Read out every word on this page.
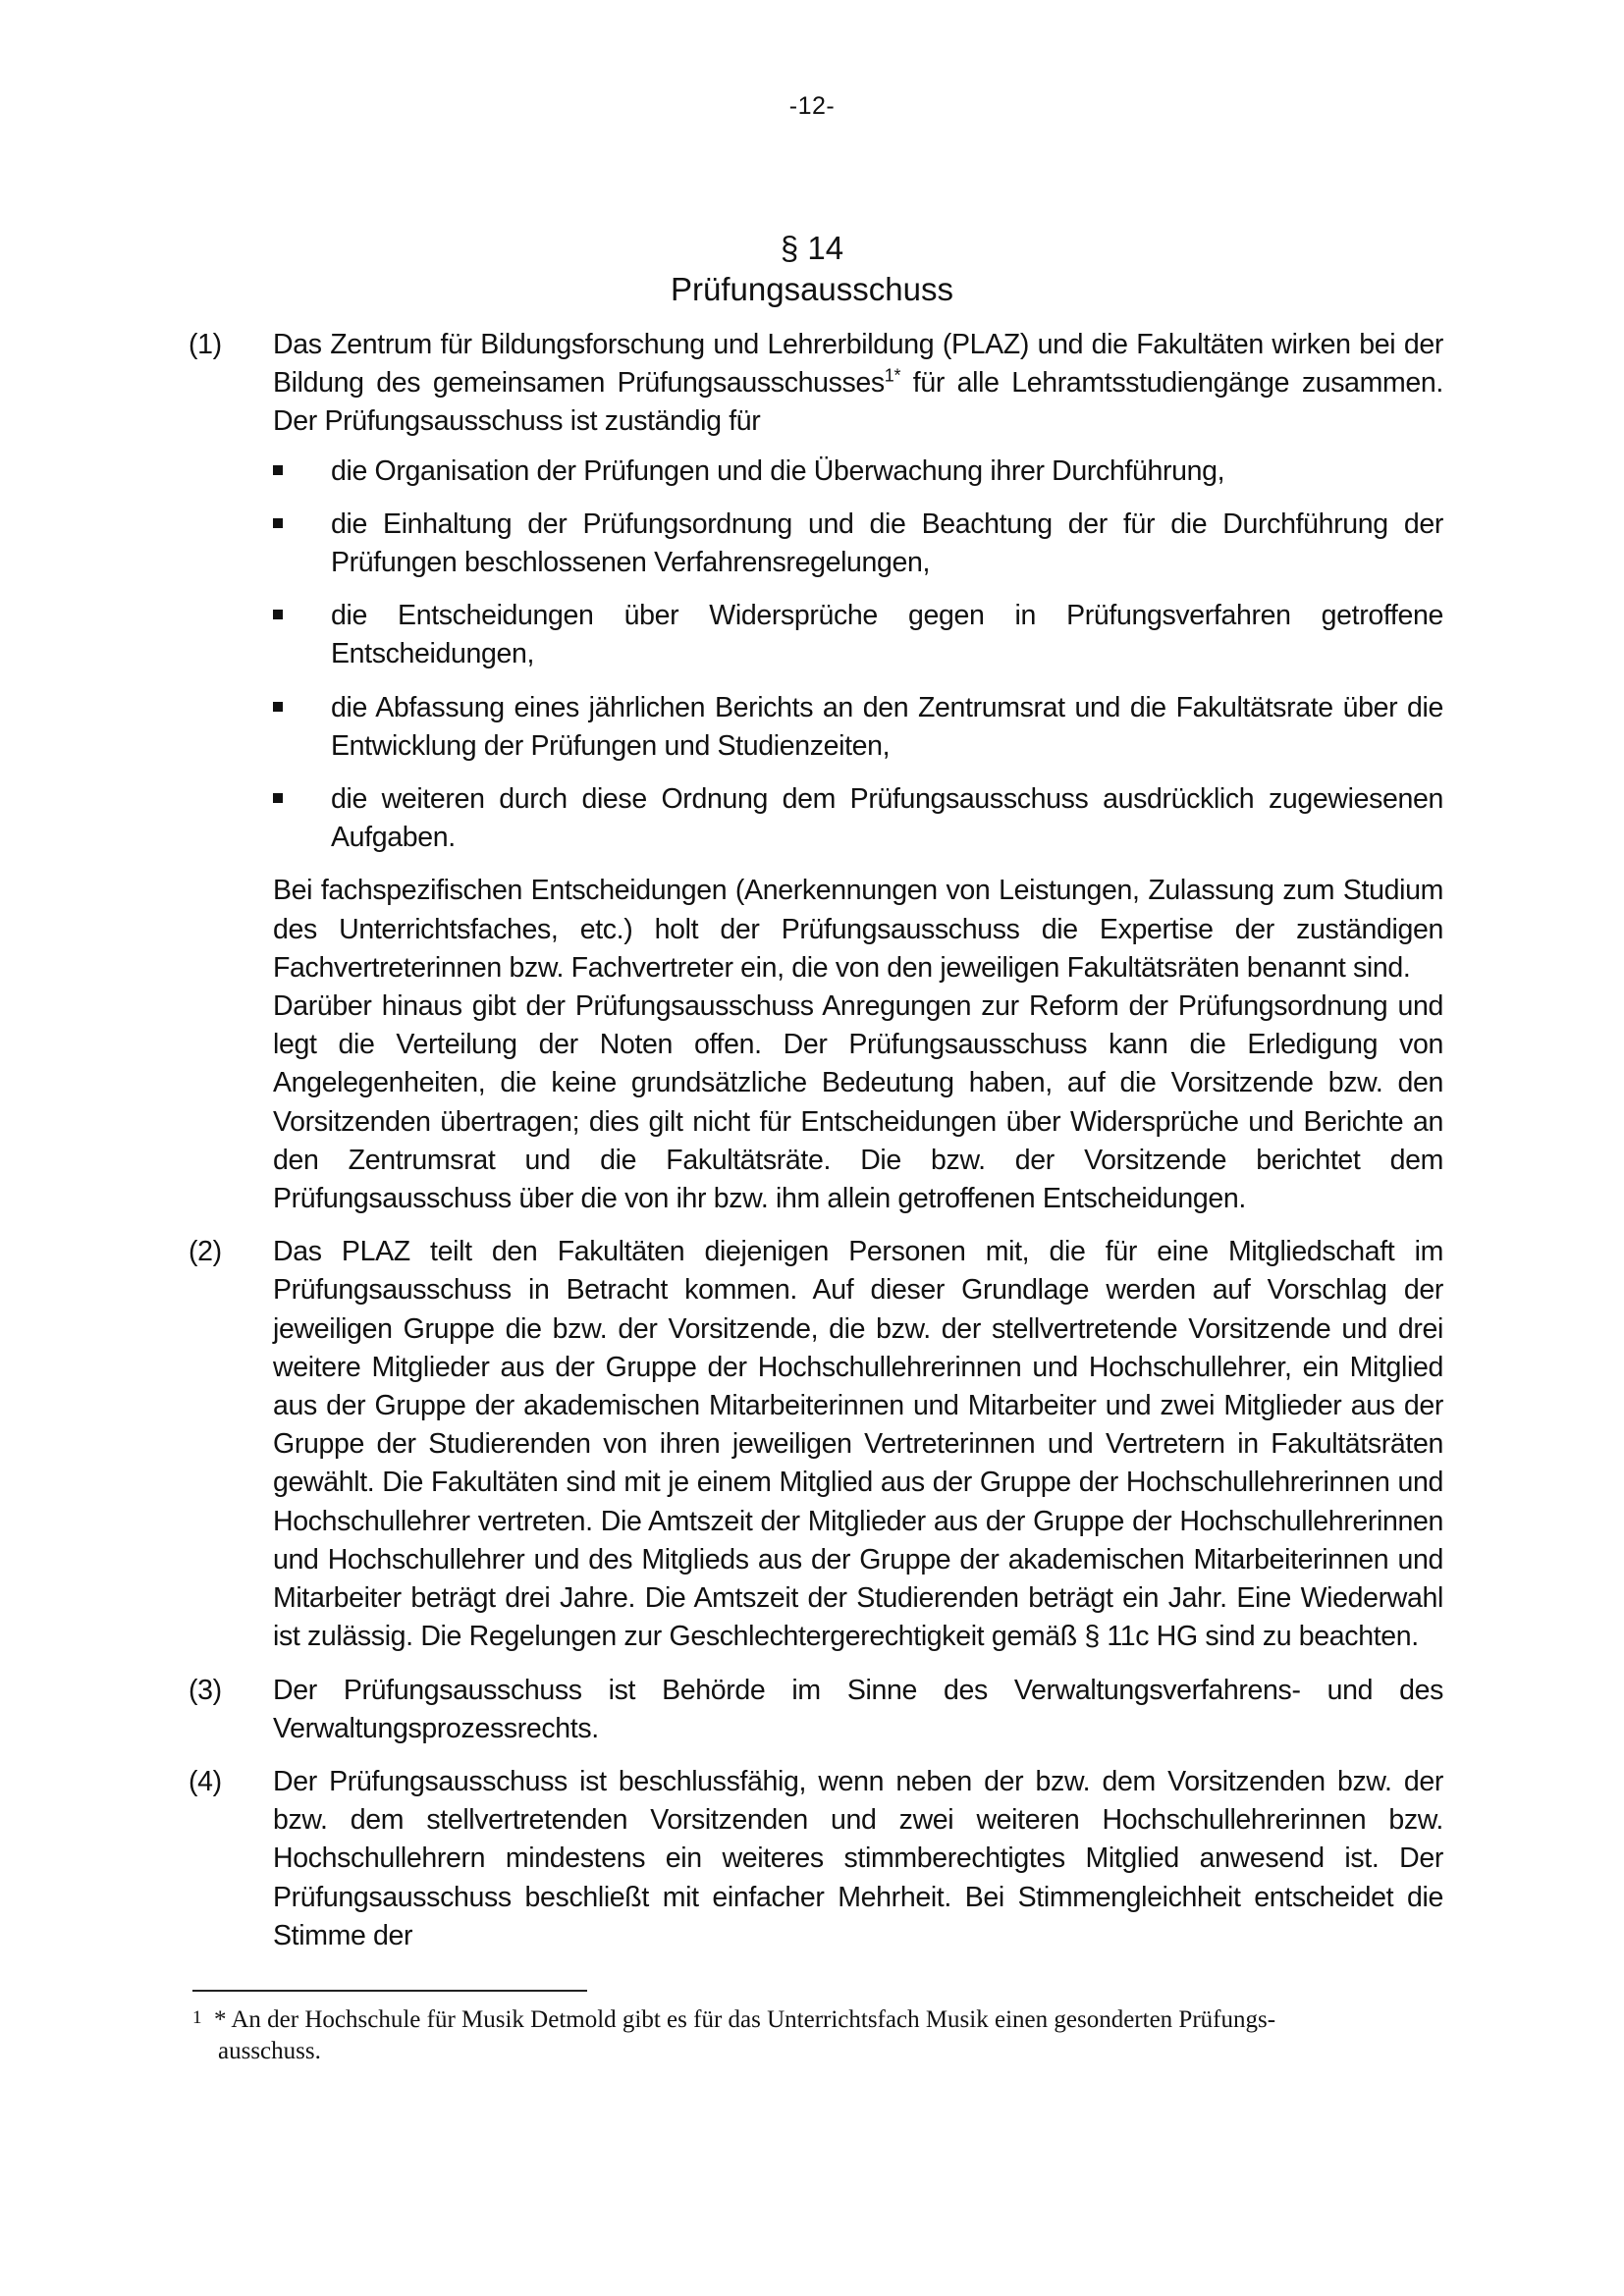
-12-
§ 14
Prüfungsausschuss

(1) Das Zentrum für Bildungsforschung und Lehrerbildung (PLAZ) und die Fakultäten wirken bei der Bildung des gemeinsamen Prüfungsausschusses$^{1*}$ für alle Lehramtsstudiengänge zusammen. Der Prüfungsausschuss ist zuständig für

die Organisation der Prüfungen und die Überwachung ihrer Durchführung,
die Einhaltung der Prüfungsordnung und die Beachtung der für die Durchführung der Prüfungen beschlossenen Verfahrensregelungen,
die Entscheidungen über Widersprüche gegen in Prüfungsverfahren getroffene Entscheidungen,
die Abfassung eines jährlichen Berichts an den Zentrumsrat und die Fakultätsrate über die Entwicklung der Prüfungen und Studienzeiten,
die weiteren durch diese Ordnung dem Prüfungsausschuss ausdrücklich zugewiesenen Aufgaben.

Bei fachspezifischen Entscheidungen (Anerkennungen von Leistungen, Zulassung zum Studium des Unterrichtsfaches, etc.) holt der Prüfungsausschuss die Expertise der zuständigen Fachvertreterinnen bzw. Fachvertreter ein, die von den jeweiligen Fakultätsräten benannt sind.

Darüber hinaus gibt der Prüfungsausschuss Anregungen zur Reform der Prüfungsordnung und legt die Verteilung der Noten offen. Der Prüfungsausschuss kann die Erledigung von Angelegenheiten, die keine grundsätzliche Bedeutung haben, auf die Vorsitzende bzw. den Vorsitzenden übertragen; dies gilt nicht für Entscheidungen über Widersprüche und Berichte an den Zentrumsrat und die Fakultätsräte. Die bzw. der Vorsitzende berichtet dem Prüfungsausschuss über die von ihr bzw. ihm allein getroffenen Entscheidungen.

(2) Das PLAZ teilt den Fakultäten diejenigen Personen mit, die für eine Mitgliedschaft im Prüfungsausschuss in Betracht kommen. Auf dieser Grundlage werden auf Vorschlag der jeweiligen Gruppe die bzw. der Vorsitzende, die bzw. der stellvertretende Vorsitzende und drei weitere Mitglieder aus der Gruppe der Hochschullehrerinnen und Hochschullehrer, ein Mitglied aus der Gruppe der akademischen Mitarbeiterinnen und Mitarbeiter und zwei Mitglieder aus der Gruppe der Studierenden von ihren jeweiligen Vertreterinnen und Vertretern in Fakultätsräten gewählt. Die Fakultäten sind mit je einem Mitglied aus der Gruppe der Hochschullehrerinnen und Hochschullehrer vertreten. Die Amtszeit der Mitglieder aus der Gruppe der Hochschullehrerinnen und Hochschullehrer und des Mitglieds aus der Gruppe der akademischen Mitarbeiterinnen und Mitarbeiter beträgt drei Jahre. Die Amtszeit der Studierenden beträgt ein Jahr. Eine Wiederwahl ist zulässig. Die Regelungen zur Geschlechtergerechtigkeit gemäß § 11c HG sind zu beachten.

(3) Der Prüfungsausschuss ist Behörde im Sinne des Verwaltungsverfahrens- und des Verwaltungsprozessrechts.

(4) Der Prüfungsausschuss ist beschlussfähig, wenn neben der bzw. dem Vorsitzenden bzw. der bzw. dem stellvertretenden Vorsitzenden und zwei weiteren Hochschullehrerinnen bzw. Hochschullehrern mindestens ein weiteres stimmberechtigtes Mitglied anwesend ist. Der Prüfungsausschuss beschließt mit einfacher Mehrheit. Bei Stimmengleichheit entscheidet die Stimme der

1 * An der Hochschule für Musik Detmold gibt es für das Unterrichtsfach Musik einen gesonderten Prüfungs-
ausschuss.
